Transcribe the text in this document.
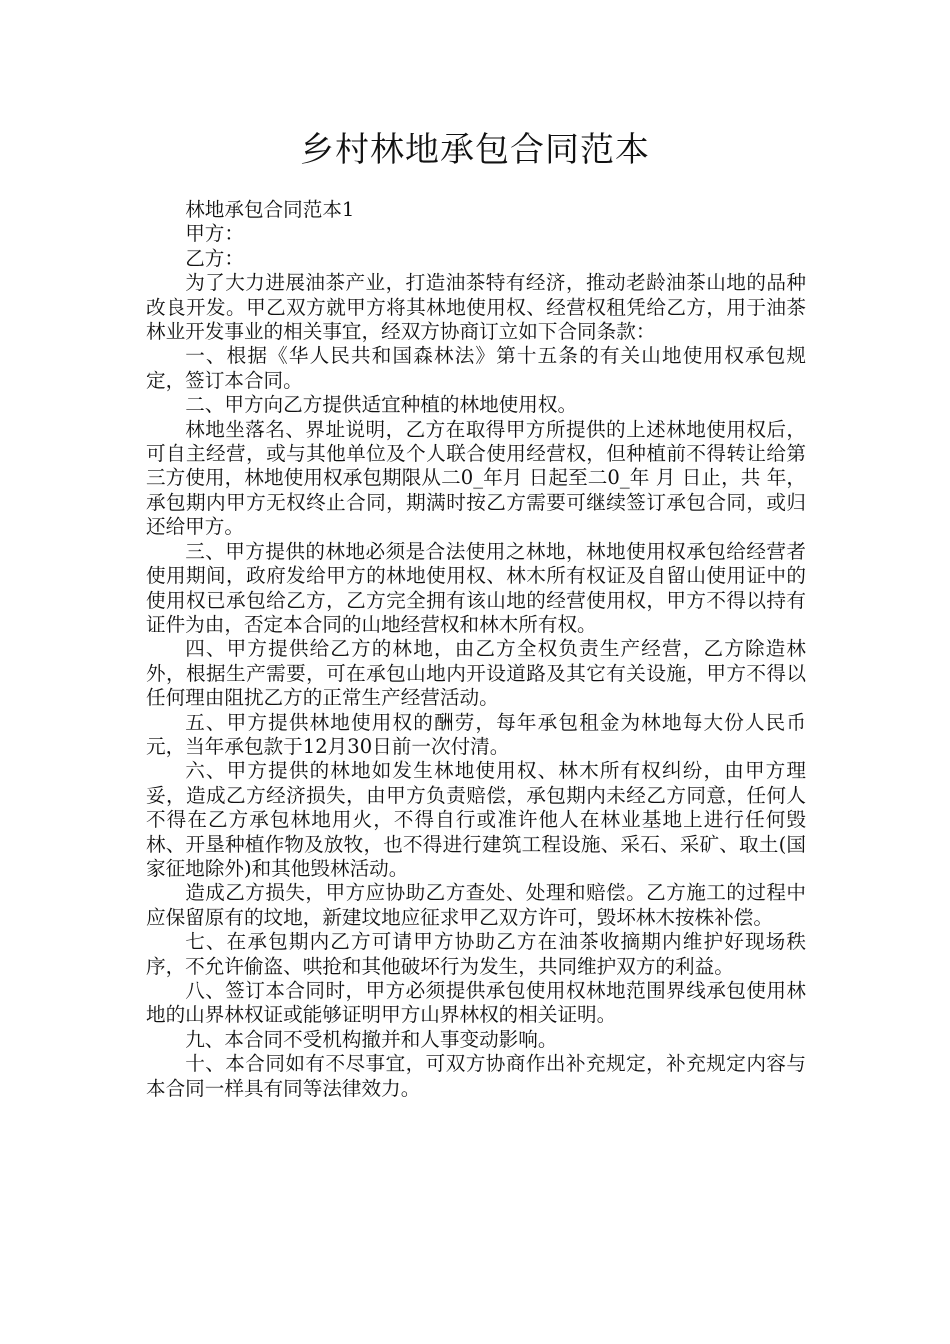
乡村林地承包合同范本

林地承包合同范本1

甲方：

乙方：

为了大力进展油茶产业，打造油茶特有经济，推动老龄油茶山地的品种改良开发。甲乙双方就甲方将其林地使用权、经营权租凭给乙方，用于油茶林业开发事业的相关事宜，经双方协商订立如下合同条款：

一、根据《华人民共和国森林法》第十五条的有关山地使用权承包规定，签订本合同。

二、甲方向乙方提供适宜种植的林地使用权。

林地坐落名、界址说明，乙方在取得甲方所提供的上述林地使用权后，可自主经营，或与其他单位及个人联合使用经营权，但种植前不得转让给第三方使用，林地使用权承包期限从二0_年月 日起至二0_年 月 日止，共 年，承包期内甲方无权终止合同，期满时按乙方需要可继续签订承包合同，或归还给甲方。

三、甲方提供的林地必须是合法使用之林地，林地使用权承包给经营者使用期间，政府发给甲方的林地使用权、林木所有权证及自留山使用证中的使用权已承包给乙方，乙方完全拥有该山地的经营使用权，甲方不得以持有证件为由，否定本合同的山地经营权和林木所有权。

四、甲方提供给乙方的林地，由乙方全权负责生产经营，乙方除造林外，根据生产需要，可在承包山地内开设道路及其它有关设施，甲方不得以任何理由阻扰乙方的正常生产经营活动。

五、甲方提供林地使用权的酬劳，每年承包租金为林地每大份人民币 元，当年承包款于12月30日前一次付清。

六、甲方提供的林地如发生林地使用权、林木所有权纠纷，由甲方理妥，造成乙方经济损失，由甲方负责赔偿，承包期内未经乙方同意，任何人不得在乙方承包林地用火，不得自行或准许他人在林业基地上进行任何毁林、开垦种植作物及放牧，也不得进行建筑工程设施、采石、采矿、取土(国家征地除外)和其他毁林活动。

造成乙方损失，甲方应协助乙方查处、处理和赔偿。乙方施工的过程中应保留原有的坟地，新建坟地应征求甲乙双方许可，毁坏林木按株补偿。

七、在承包期内乙方可请甲方协助乙方在油茶收摘期内维护好现场秩序，不允许偷盗、哄抢和其他破坏行为发生，共同维护双方的利益。

八、签订本合同时，甲方必须提供承包使用权林地范围界线承包使用林地的山界林权证或能够证明甲方山界林权的相关证明。

九、本合同不受机构撤并和人事变动影响。

十、本合同如有不尽事宜，可双方协商作出补充规定，补充规定内容与本合同一样具有同等法律效力。
